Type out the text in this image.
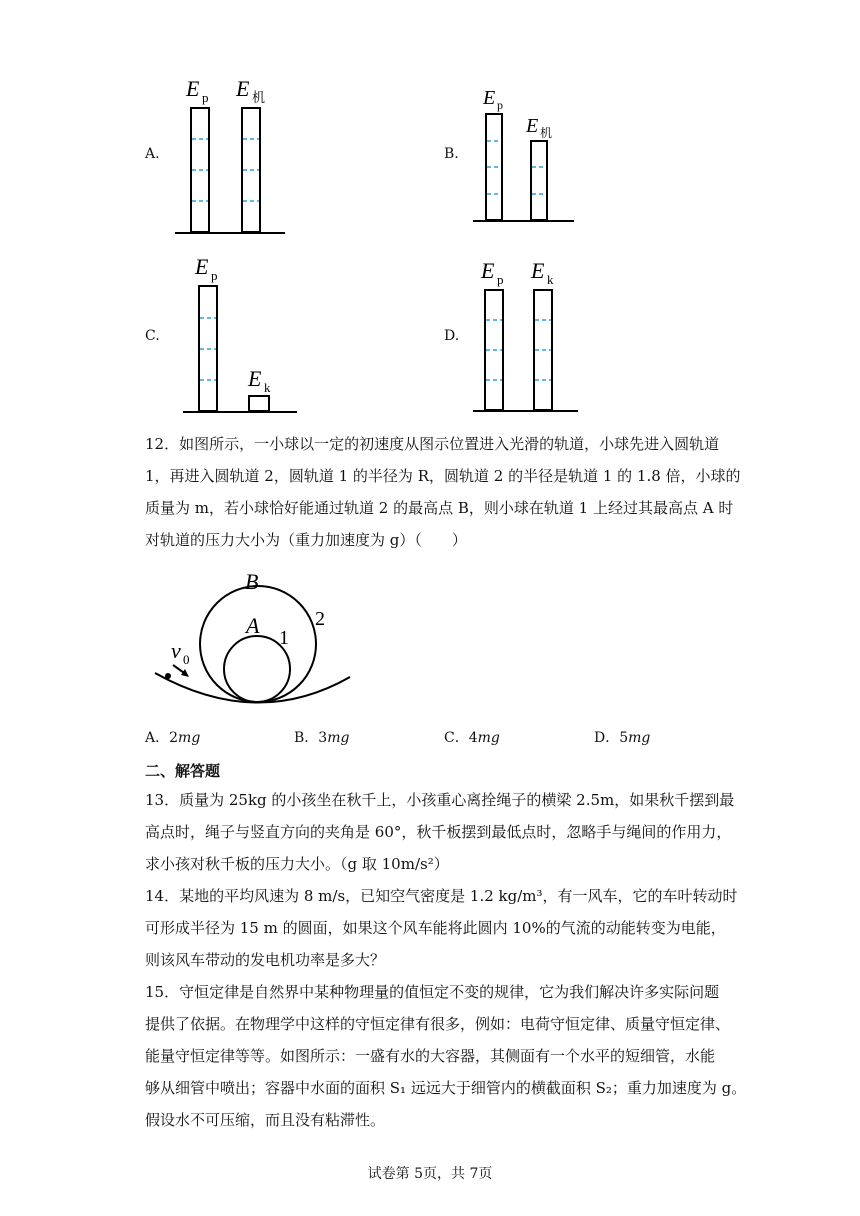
A.
E p E 机
B.
E p
E 机
C.
E p
E k
D.
E p E k
12．如图所示，一小球以一定的初速度从图示位置进入光滑的轨道，小球先进入圆轨道
1，再进入圆轨道 2，圆轨道 1 的半径为 R，圆轨道 2 的半径是轨道 1 的 1.8 倍，小球的
质量为 m，若小球恰好能通过轨道 2 的最高点 B，则小球在轨道 1 上经过其最高点 A 时
对轨道的压力大小为（重力加速度为 g）（　　）
B
A 1
2
v 0
A．2mg	B．3mg	C．4mg	D．5mg
二、解答题
13．质量为 25kg 的小孩坐在秋千上，小孩重心离拴绳子的横梁 2.5m，如果秋千摆到最
高点时，绳子与竖直方向的夹角是 60°，秋千板摆到最低点时，忽略手与绳间的作用力，
求小孩对秋千板的压力大小。（g 取 10m/s²）
14．某地的平均风速为 8 m/s，已知空气密度是 1.2 kg/m³，有一风车，它的车叶转动时
可形成半径为 15 m 的圆面，如果这个风车能将此圆内 10%的气流的动能转变为电能，
则该风车带动的发电机功率是多大？
15．守恒定律是自然界中某种物理量的值恒定不变的规律，它为我们解决许多实际问题
提供了依据。在物理学中这样的守恒定律有很多，例如：电荷守恒定律、质量守恒定律、
能量守恒定律等等。如图所示：一盛有水的大容器，其侧面有一个水平的短细管，水能
够从细管中喷出；容器中水面的面积 S₁ 远远大于细管内的横截面积 S₂；重力加速度为 g。
假设水不可压缩，而且没有粘滞性。
试卷第 5页，共 7页
